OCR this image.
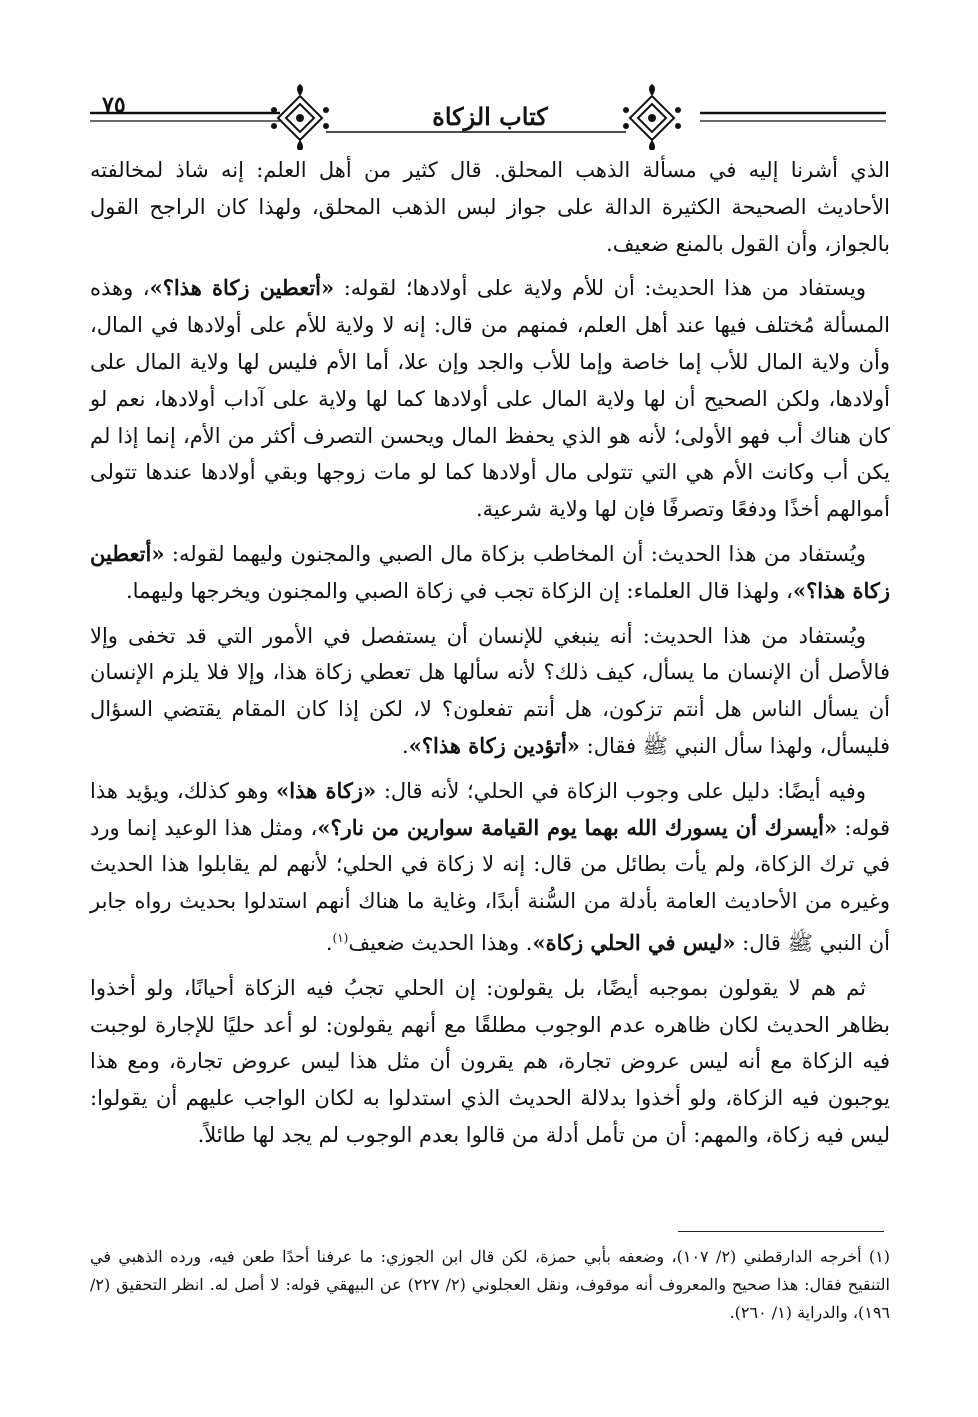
٧٥	كتاب الزكاة

الذي أشرنا إليه في مسألة الذهب المحلق. قال كثير من أهل العلم: إنه شاذ لمخالفته الأحاديث الصحيحة الكثيرة الدالة على جواز لبس الذهب المحلق، ولهذا كان الراجح القول بالجواز، وأن القول بالمنع ضعيف.

ويستفاد من هذا الحديث: أن للأم ولاية على أولادها؛ لقوله: «أتعطين زكاة هذا؟»، وهذه المسألة مُختلف فيها عند أهل العلم، فمنهم من قال: إنه لا ولاية للأم على أولادها في المال، وأن ولاية المال للأب إما خاصة وإما للأب والجد وإن علا، أما الأم فليس لها ولاية المال على أولادها، ولكن الصحيح أن لها ولاية المال على أولادها كما لها ولاية على آداب أولادها، نعم لو كان هناك أب فهو الأولى؛ لأنه هو الذي يحفظ المال ويحسن التصرف أكثر من الأم، إنما إذا لم يكن أب وكانت الأم هي التي تتولى مال أولادها كما لو مات زوجها وبقي أولادها عندها تتولى أموالهم أخذًا ودفعًا وتصرفًا فإن لها ولاية شرعية.

ويُستفاد من هذا الحديث: أن المخاطب بزكاة مال الصبي والمجنون وليهما لقوله: «أتعطين زكاة هذا؟»، ولهذا قال العلماء: إن الزكاة تجب في زكاة الصبي والمجنون ويخرجها وليهما.

ويُستفاد من هذا الحديث: أنه ينبغي للإنسان أن يستفصل في الأمور التي قد تخفى وإلا فالأصل أن الإنسان ما يسأل، كيف ذلك؟ لأنه سألها هل تعطي زكاة هذا، وإلا فلا يلزم الإنسان أن يسأل الناس هل أنتم تزكون، هل أنتم تفعلون؟ لا، لكن إذا كان المقام يقتضي السؤال فليسأل، ولهذا سأل النبي ﷺ فقال: «أتؤدين زكاة هذا؟».

وفيه أيضًا: دليل على وجوب الزكاة في الحلي؛ لأنه قال: «زكاة هذا» وهو كذلك، ويؤيد هذا قوله: «أيسرك أن يسورك الله بهما يوم القيامة سوارين من نار؟»، ومثل هذا الوعيد إنما ورد في ترك الزكاة، ولم يأت بطائل من قال: إنه لا زكاة في الحلي؛ لأنهم لم يقابلوا هذا الحديث وغيره من الأحاديث العامة بأدلة من السُّنة أبدًا، وغاية ما هناك أنهم استدلوا بحديث رواه جابر أن النبي ﷺ قال: «ليس في الحلي زكاة». وهذا الحديث ضعيف$^{(١)}$.

ثم هم لا يقولون بموجبه أيضًا، بل يقولون: إن الحلي تجبُ فيه الزكاة أحيانًا، ولو أخذوا بظاهر الحديث لكان ظاهره عدم الوجوب مطلقًا مع أنهم يقولون: لو أعد حليًا للإجارة لوجبت فيه الزكاة مع أنه ليس عروض تجارة، هم يقرون أن مثل هذا ليس عروض تجارة، ومع هذا يوجبون فيه الزكاة، ولو أخذوا بدلالة الحديث الذي استدلوا به لكان الواجب عليهم أن يقولوا: ليس فيه زكاة، والمهم: أن من تأمل أدلة من قالوا بعدم الوجوب لم يجد لها طائلاً.

(١) أخرجه الدارقطني (٢/ ١٠٧)، وضعفه بأبي حمزة، لكن قال ابن الجوزي: ما عرفنا أحدًا طعن فيه، ورده الذهبي في التنقيح فقال: هذا صحيح والمعروف أنه موقوف، ونقل العجلوني (٢/ ٢٢٧) عن البيهقي قوله: لا أصل له. انظر التحقيق (٢/ ١٩٦)، والدراية (١/ ٢٦٠).
